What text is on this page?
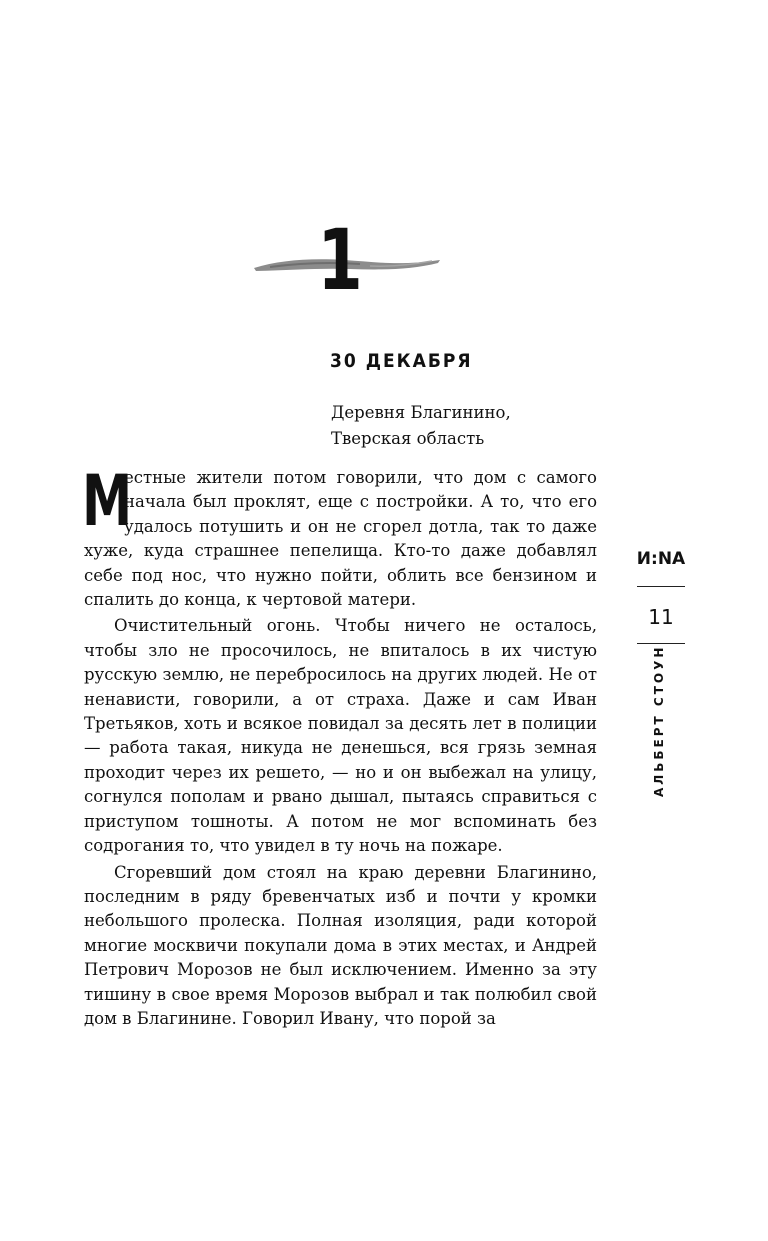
1
30 ДЕКАБРЯ
Деревня Благинино,
Тверская область

М
естные жители потом говорили, что дом с самого начала был проклят, еще с постройки. А то, что его удалось потушить и он не сгорел дотла, так то даже хуже, куда страшнее пепелища. Кто-то даже добавлял себе под нос, что нужно пойти, облить все бензином и спалить до конца, к чертовой матери.

Очистительный огонь. Чтобы ничего не осталось, чтобы зло не просочилось, не впиталось в их чистую русскую землю, не перебросилось на других людей. Не от ненависти, говорили, а от страха. Даже и сам Иван Третьяков, хоть и всякое повидал за десять лет в полиции — работа такая, никуда не денешься, вся грязь земная проходит через их решето, — но и он выбежал на улицу, согнулся пополам и рвано дышал, пытаясь справиться с приступом тошноты. А потом не мог вспоминать без содрогания то, что увидел в ту ночь на пожаре.

Сгоревший дом стоял на краю деревни Благинино, последним в ряду бревенчатых изб и почти у кромки небольшого пролеска. Полная изоляция, ради которой многие москвичи покупали дома в этих местах, и Андрей Петрович Морозов не был исключением. Именно за эту тишину в свое время Морозов выбрал и так полюбил свой дом в Благинине. Говорил Ивану, что порой за

И:NА
11
АЛЬБЕРТ СТОУН
